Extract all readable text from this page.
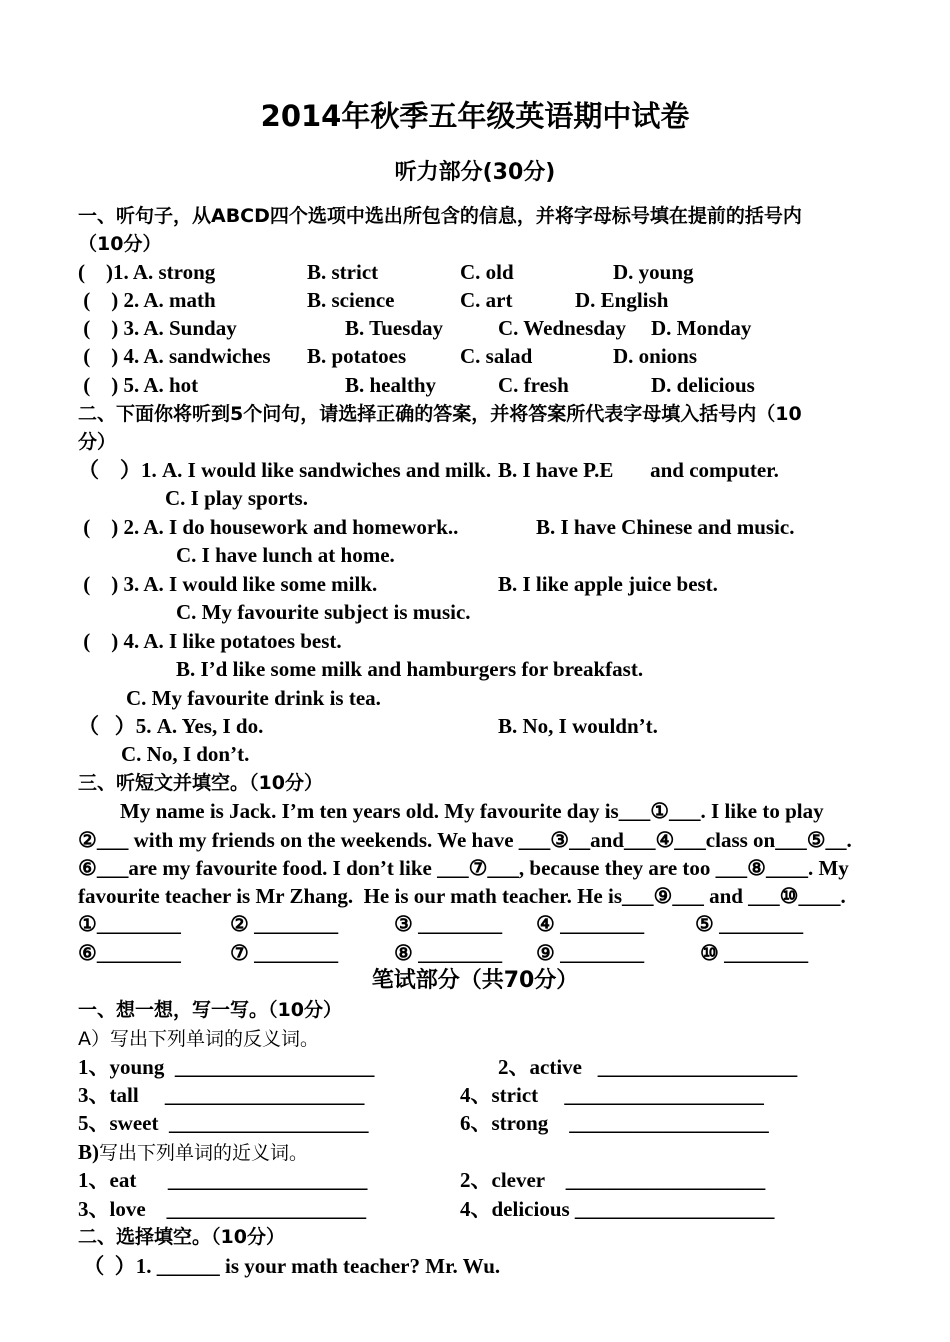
2014年秋季五年级英语期中试卷
听力部分(30分)
一、听句子，从ABCD四个选项中选出所包含的信息，并将字母标号填在提前的括号内
（10分）
(    )1. A. strong	B. strict	C. old	D. young
(    ) 2. A. math	B. science	C. art	D. English
(    ) 3. A. Sunday	B. Tuesday	C. Wednesday D. Monday
(    ) 4. A. sandwiches B. potatoes	C. salad	D. onions
(    ) 5. A. hot	B. healthy	C. fresh	D. delicious
二、下面你将听到5个问句，请选择正确的答案，并将答案所代表字母填入括号内（10
分）
（    ）1. A. I would like sandwiches and milk. B. I have P.E       and computer.
C. I play sports.
(    ) 2. A. I do housework and homework..	B. I have Chinese and music.
C. I have lunch at home.
(    ) 3. A. I would like some milk.	B. I like apple juice best.
C. My favourite subject is music.
(    ) 4. A. I like potatoes best.
B. I’d like some milk and hamburgers for breakfast.
C. My favourite drink is tea.
（   ）5. A. Yes, I do.	B. No, I wouldn’t.
C. No, I don’t.
三、听短文并填空。（10分）
My name is Jack. I’m ten years old. My favourite day is___①___. I like to play
②___ with my friends on the weekends. We have ___③__and___④___class on___⑤__.
⑥___are my favourite food. I don’t like ___⑦___, because they are too ___⑧____. My
favourite teacher is Mr Zhang.  He is our math teacher. He is___⑨___ and ___⑩____.
①________ ② ________	③ ________ ④ ________ ⑤ ________
⑥________ ⑦ ________	⑧ ________ ⑨ ________	⑩ ________
笔试部分（共70分）
一、想一想，写一写。（10分）
A）写出下列单词的反义词。
1、young  ___________________	2、active   ___________________
3、tall     ___________________	4、strict     ___________________
5、sweet  ___________________	6、strong    ___________________
B)写出下列单词的近义词。
1、eat      ___________________	2、clever    ___________________
3、love    ___________________	4、delicious ___________________
二、选择填空。（10分）
（  ）1. ______ is your math teacher? Mr. Wu.
